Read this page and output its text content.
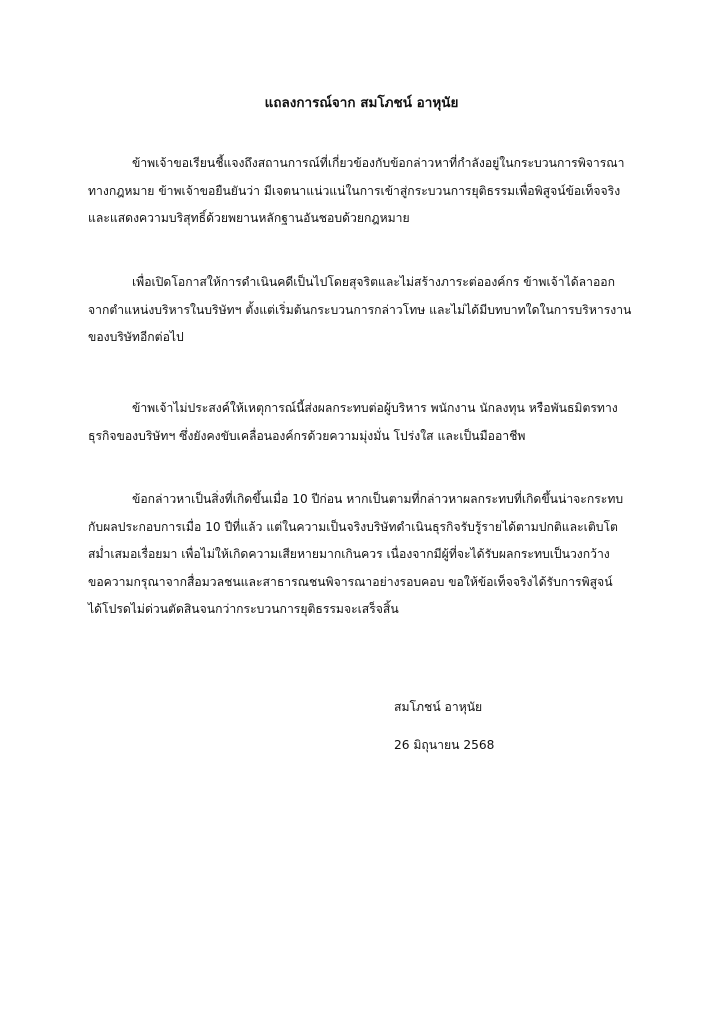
แถลงการณ์จาก สมโภชน์ อาหุนัย
ข้าพเจ้าขอเรียนชี้แจงถึงสถานการณ์ที่เกี่ยวข้องกับข้อกล่าวหาที่กำลังอยู่ในกระบวนการพิจารณา
ทางกฎหมาย ข้าพเจ้าขอยืนยันว่า มีเจตนาแน่วแน่ในการเข้าสู่กระบวนการยุติธรรมเพื่อพิสูจน์ข้อเท็จจริง
และแสดงความบริสุทธิ์ด้วยพยานหลักฐานอันชอบด้วยกฎหมาย
เพื่อเปิดโอกาสให้การดำเนินคดีเป็นไปโดยสุจริตและไม่สร้างภาระต่อองค์กร ข้าพเจ้าได้ลาออก
จากตำแหน่งบริหารในบริษัทฯ ตั้งแต่เริ่มต้นกระบวนการกล่าวโทษ และไม่ได้มีบทบาทใดในการบริหารงาน
ของบริษัทอีกต่อไป
ข้าพเจ้าไม่ประสงค์ให้เหตุการณ์นี้ส่งผลกระทบต่อผู้บริหาร พนักงาน นักลงทุน หรือพันธมิตรทาง
ธุรกิจของบริษัทฯ ซึ่งยังคงขับเคลื่อนองค์กรด้วยความมุ่งมั่น โปร่งใส และเป็นมืออาชีพ
ข้อกล่าวหาเป็นสิ่งที่เกิดขึ้นเมื่อ 10 ปีก่อน หากเป็นตามที่กล่าวหาผลกระทบที่เกิดขึ้นน่าจะกระทบ
กับผลประกอบการเมื่อ 10 ปีที่แล้ว แต่ในความเป็นจริงบริษัทดำเนินธุรกิจรับรู้รายได้ตามปกติและเติบโต
สม่ำเสมอเรื่อยมา เพื่อไม่ให้เกิดความเสียหายมากเกินควร เนื่องจากมีผู้ที่จะได้รับผลกระทบเป็นวงกว้าง
ขอความกรุณาจากสื่อมวลชนและสาธารณชนพิจารณาอย่างรอบคอบ ขอให้ข้อเท็จจริงได้รับการพิสูจน์
ได้โปรดไม่ด่วนตัดสินจนกว่ากระบวนการยุติธรรมจะเสร็จสิ้น
สมโภชน์ อาหุนัย
26 มิถุนายน 2568
